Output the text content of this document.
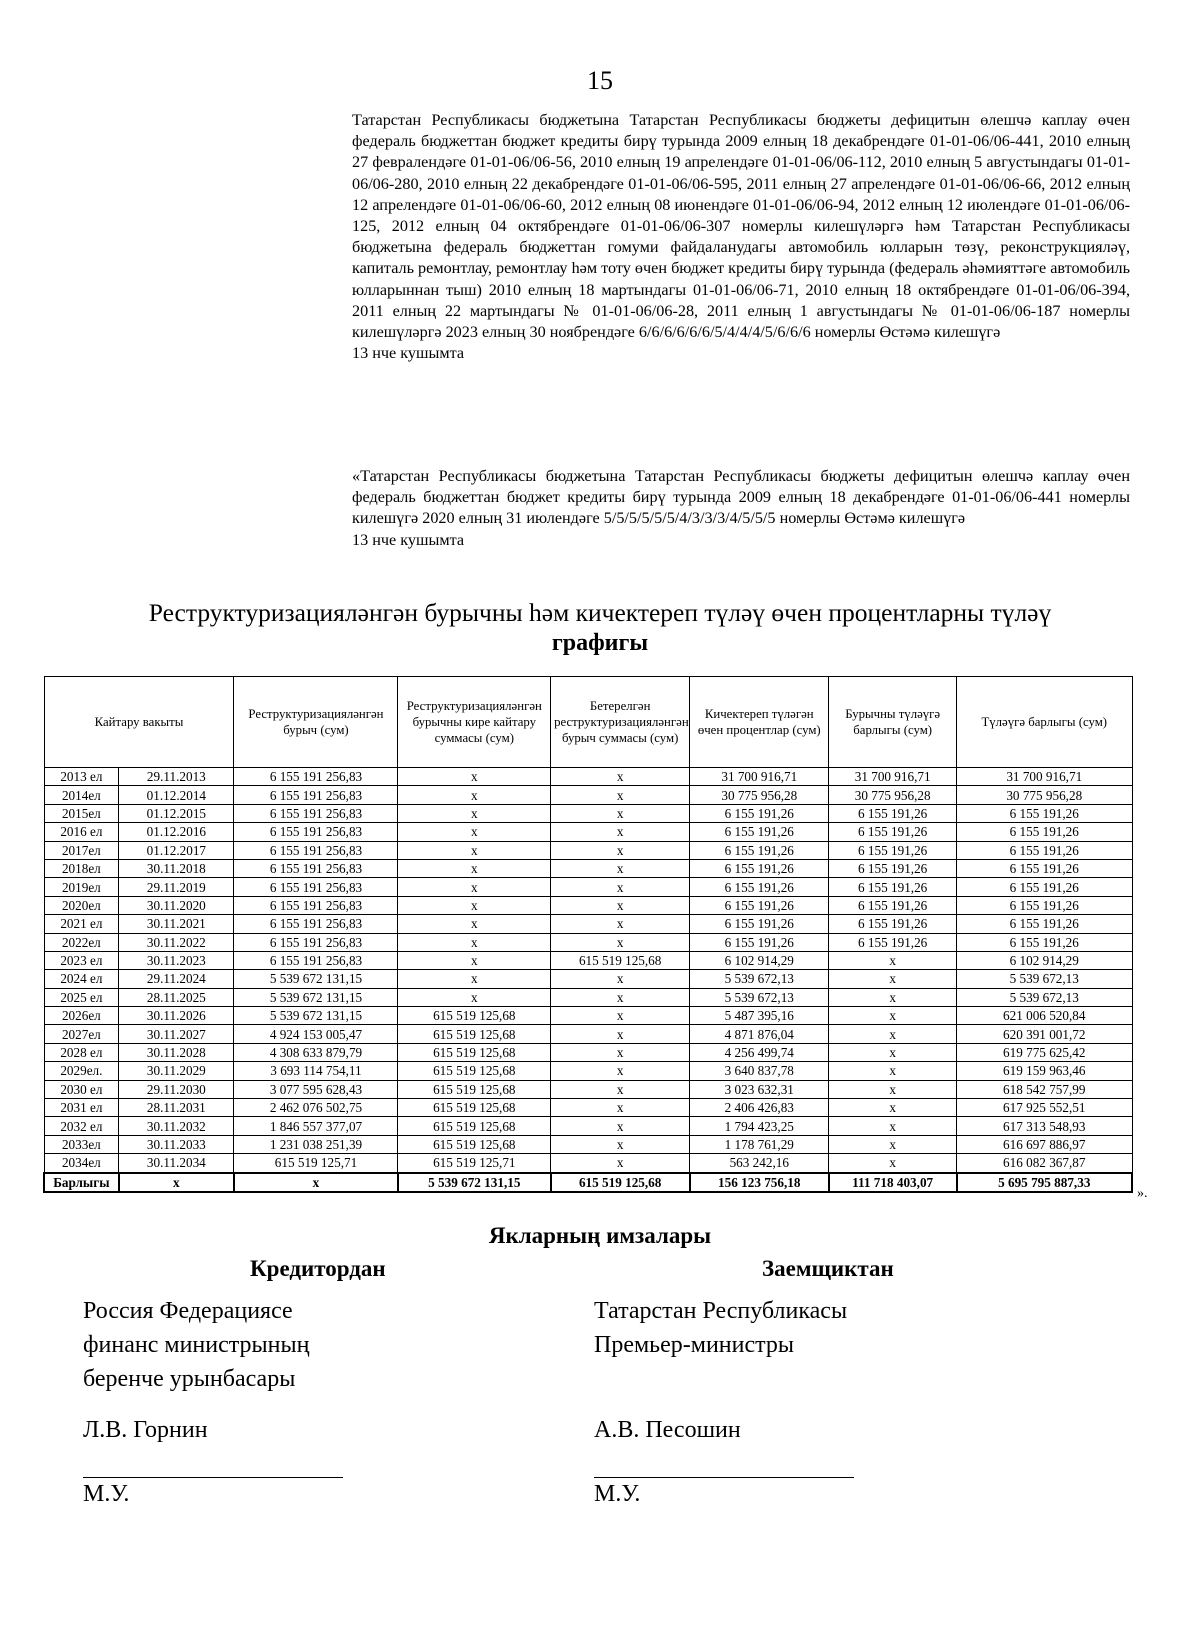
15

Татарстан Республикасы бюджетына Татарстан Республикасы бюджеты дефицитын өлешчә каплау өчен федераль бюджеттан бюджет кредиты бирү турында 2009 елның 18 декабрендәге 01-01-06/06-441, 2010 елның 27 февралендәге 01-01-06/06-56, 2010 елның 19 апрелендәге 01-01-06/06-112, 2010 елның 5 августындагы 01-01-06/06-280, 2010 елның 22 декабрендәге 01-01-06/06-595, 2011 елның 27 апрелендәге 01-01-06/06-66, 2012 елның 12 апрелендәге 01-01-06/06-60, 2012 елның 08 июнендәге 01-01-06/06-94, 2012 елның 12 июлендәге 01-01-06/06-125, 2012 елның 04 октябрендәге 01-01-06/06-307 номерлы килешүләргә һәм Татарстан Республикасы бюджетына федераль бюджеттан гомуми файдаланудагы автомобиль юлларын төзү, реконструкцияләү, капиталь ремонтлау, ремонтлау һәм тоту өчен бюджет кредиты бирү турында (федераль әһәмияттәге автомобиль юлларыннан тыш) 2010 елның 18 мартындагы 01-01-06/06-71, 2010 елның 18 октябрендәге 01-01-06/06-394, 2011 елның 22 мартындагы № 01-01-06/06-28, 2011 елның 1 августындагы № 01-01-06/06-187 номерлы килешүләргә 2023 елның 30 ноябрендәге 6/6/6/6/6/6/5/4/4/4/5/6/6/6 номерлы Өстәмә килешүгә

13 нче кушымта

«Татарстан Республикасы бюджетына Татарстан Республикасы бюджеты дефицитын өлешчә каплау өчен федераль бюджеттан бюджет кредиты бирү турында 2009 елның 18 декабрендәге 01-01-06/06-441 номерлы килешүгә 2020 елның 31 июлендәге 5/5/5/5/5/5/4/3/3/3/4/5/5/5 номерлы Өстәмә килешүгә

13 нче кушымта

Реструктуризацияләнгән бурычны һәм кичектереп түләү өчен процентларны түләү
графигы
Кайтару вакыты		Реструктуризацияләнгән бурыч (сум)	Реструктуризацияләнгән бурычны кире кайтару суммасы (сум)	Бетерелгән реструктуризацияләнгән бурыч суммасы (сум)	Кичектереп түләгән өчен процентлар (сум)	Бурычны түләүгә барлыгы (сум)	Түләүгә барлыгы (сум)
2013 ел	29.11.2013	6 155 191 256,83	х	х	31 700 916,71	31 700 916,71	31 700 916,71
2014ел	01.12.2014	6 155 191 256,83	х	х	30 775 956,28	30 775 956,28	30 775 956,28
2015ел	01.12.2015	6 155 191 256,83	х	х	6 155 191,26	6 155 191,26	6 155 191,26
2016 ел	01.12.2016	6 155 191 256,83	х	х	6 155 191,26	6 155 191,26	6 155 191,26
2017ел	01.12.2017	6 155 191 256,83	х	х	6 155 191,26	6 155 191,26	6 155 191,26
2018ел	30.11.2018	6 155 191 256,83	х	х	6 155 191,26	6 155 191,26	6 155 191,26
2019ел	29.11.2019	6 155 191 256,83	х	х	6 155 191,26	6 155 191,26	6 155 191,26
2020ел	30.11.2020	6 155 191 256,83	х	х	6 155 191,26	6 155 191,26	6 155 191,26
2021 ел	30.11.2021	6 155 191 256,83	х	х	6 155 191,26	6 155 191,26	6 155 191,26
2022ел	30.11.2022	6 155 191 256,83	х	х	6 155 191,26	6 155 191,26	6 155 191,26
2023 ел	30.11.2023	6 155 191 256,83	х	615 519 125,68	6 102 914,29	х	6 102 914,29
2024 ел	29.11.2024	5 539 672 131,15	х	х	5 539 672,13	х	5 539 672,13
2025 ел	28.11.2025	5 539 672 131,15	х	х	5 539 672,13	х	5 539 672,13
2026ел	30.11.2026	5 539 672 131,15	615 519 125,68	х	5 487 395,16	х	621 006 520,84
2027ел	30.11.2027	4 924 153 005,47	615 519 125,68	х	4 871 876,04	х	620 391 001,72
2028 ел	30.11.2028	4 308 633 879,79	615 519 125,68	х	4 256 499,74	х	619 775 625,42
2029ел.	30.11.2029	3 693 114 754,11	615 519 125,68	х	3 640 837,78	х	619 159 963,46
2030 ел	29.11.2030	3 077 595 628,43	615 519 125,68	х	3 023 632,31	х	618 542 757,99
2031 ел	28.11.2031	2 462 076 502,75	615 519 125,68	х	2 406 426,83	х	617 925 552,51
2032 ел	30.11.2032	1 846 557 377,07	615 519 125,68	х	1 794 423,25	х	617 313 548,93
2033ел	30.11.2033	1 231 038 251,39	615 519 125,68	х	1 178 761,29	х	616 697 886,97
2034ел	30.11.2034	615 519 125,71	615 519 125,71	х	563 242,16	х	616 082 367,87
Барлыгы	х	х	5 539 672 131,15	615 519 125,68	156 123 756,18	111 718 403,07	5 695 795 887,33
».
Якларның имзалары
Кредитордан	Заемщиктан
Россия Федерациясе
финанс министрының
беренче урынбасары
Татарстан Республикасы
Премьер-министры
Л.В. Горнин	А.В. Песошин
М.У.	М.У.
